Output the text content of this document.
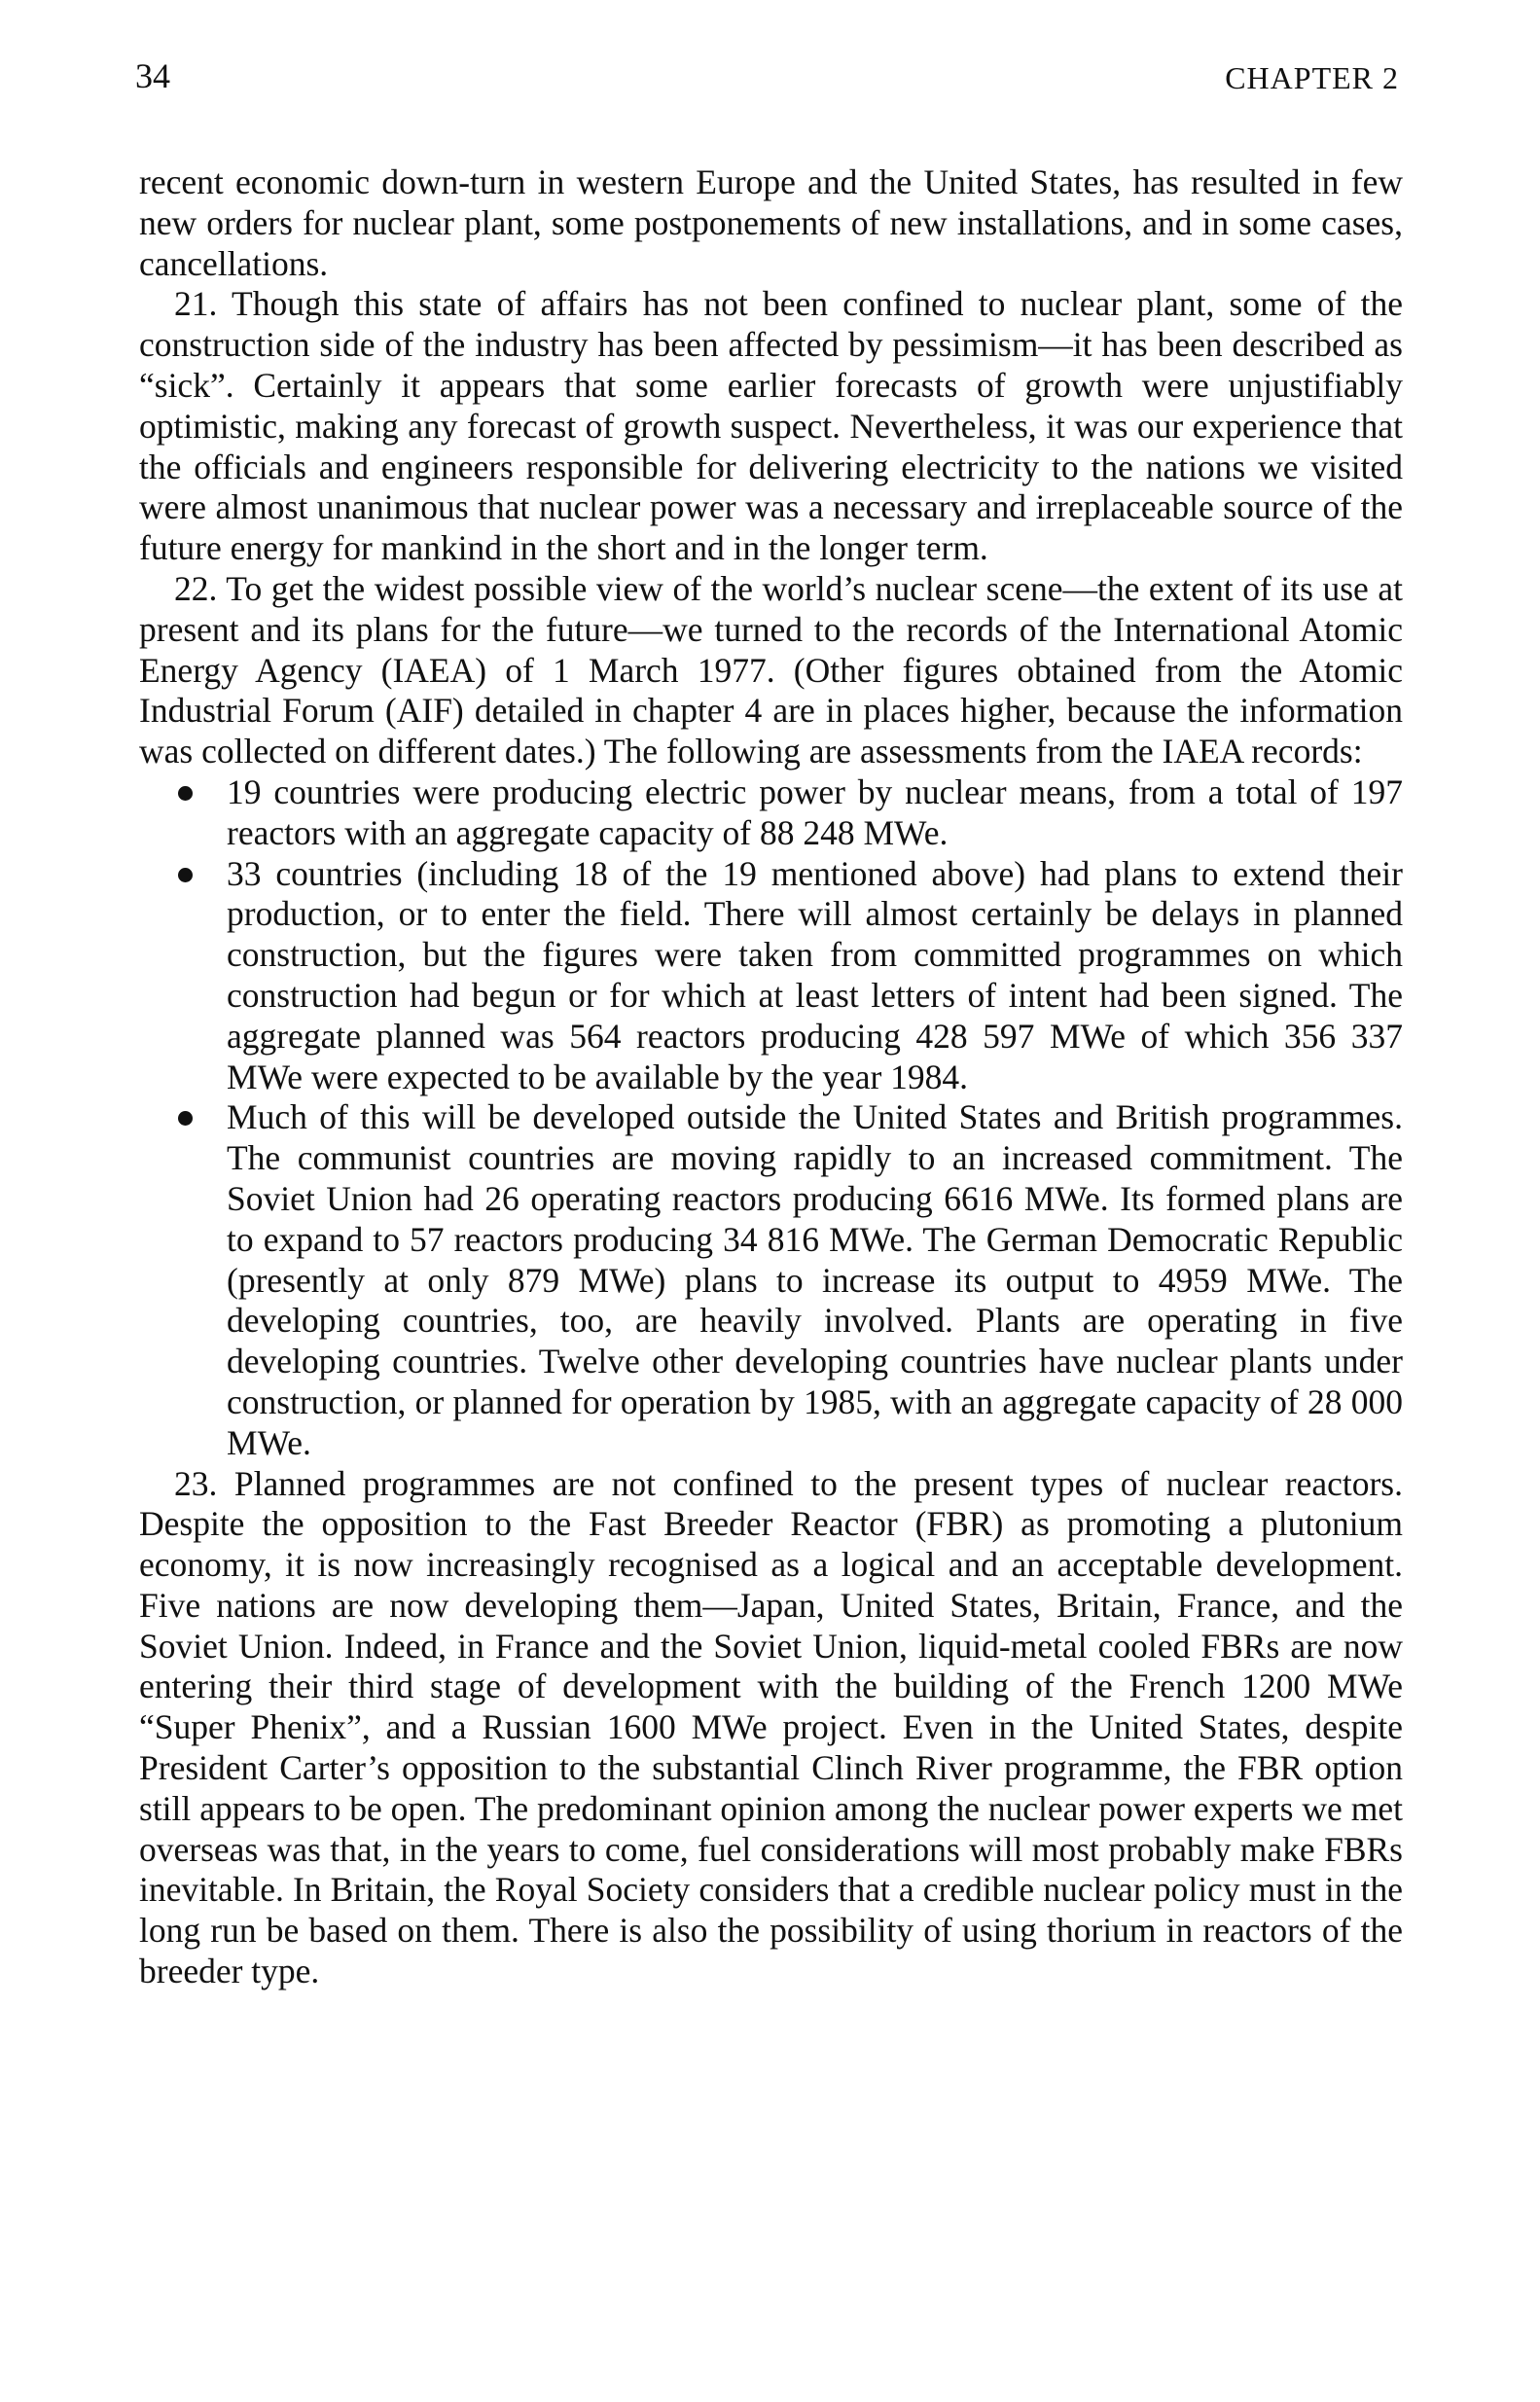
34	CHAPTER 2

recent economic down-turn in western Europe and the United States, has resulted in few new orders for nuclear plant, some postponements of new installations, and in some cases, cancellations.

21. Though this state of affairs has not been confined to nuclear plant, some of the construction side of the industry has been affected by pessimism—it has been described as “sick”. Certainly it appears that some earlier forecasts of growth were unjustifiably optimistic, making any forecast of growth suspect. Nevertheless, it was our experience that the officials and engineers responsible for delivering electricity to the nations we visited were almost unanimous that nuclear power was a necessary and irreplaceable source of the future energy for mankind in the short and in the longer term.

22. To get the widest possible view of the world’s nuclear scene—the extent of its use at present and its plans for the future—we turned to the records of the International Atomic Energy Agency (IAEA) of 1 March 1977. (Other figures obtained from the Atomic Industrial Forum (AIF) detailed in chapter 4 are in places higher, because the information was collected on different dates.) The following are assessments from the IAEA records:

19 countries were producing electric power by nuclear means, from a total of 197 reactors with an aggregate capacity of 88 248 MWe.
33 countries (including 18 of the 19 mentioned above) had plans to extend their production, or to enter the field. There will almost certainly be delays in planned construction, but the figures were taken from committed programmes on which construction had begun or for which at least letters of intent had been signed. The aggregate planned was 564 reactors producing 428 597 MWe of which 356 337 MWe were expected to be available by the year 1984.
Much of this will be developed outside the United States and British programmes. The communist countries are moving rapidly to an increased commitment. The Soviet Union had 26 operating reactors producing 6616 MWe. Its formed plans are to expand to 57 reactors producing 34 816 MWe. The German Democratic Republic (presently at only 879 MWe) plans to increase its output to 4959 MWe. The developing countries, too, are heavily involved. Plants are operating in five developing countries. Twelve other developing countries have nuclear plants under construction, or planned for operation by 1985, with an aggregate capacity of 28 000 MWe.

23. Planned programmes are not confined to the present types of nuclear reactors. Despite the opposition to the Fast Breeder Reactor (FBR) as promoting a plutonium economy, it is now increasingly recognised as a logical and an acceptable development. Five nations are now developing them—Japan, United States, Britain, France, and the Soviet Union. Indeed, in France and the Soviet Union, liquid-metal cooled FBRs are now entering their third stage of development with the building of the French 1200 MWe “Super Phenix”, and a Russian 1600 MWe project. Even in the United States, despite President Carter’s opposition to the substantial Clinch River programme, the FBR option still appears to be open. The predominant opinion among the nuclear power experts we met overseas was that, in the years to come, fuel considerations will most probably make FBRs inevitable. In Britain, the Royal Society considers that a credible nuclear policy must in the long run be based on them. There is also the possibility of using thorium in reactors of the breeder type.
